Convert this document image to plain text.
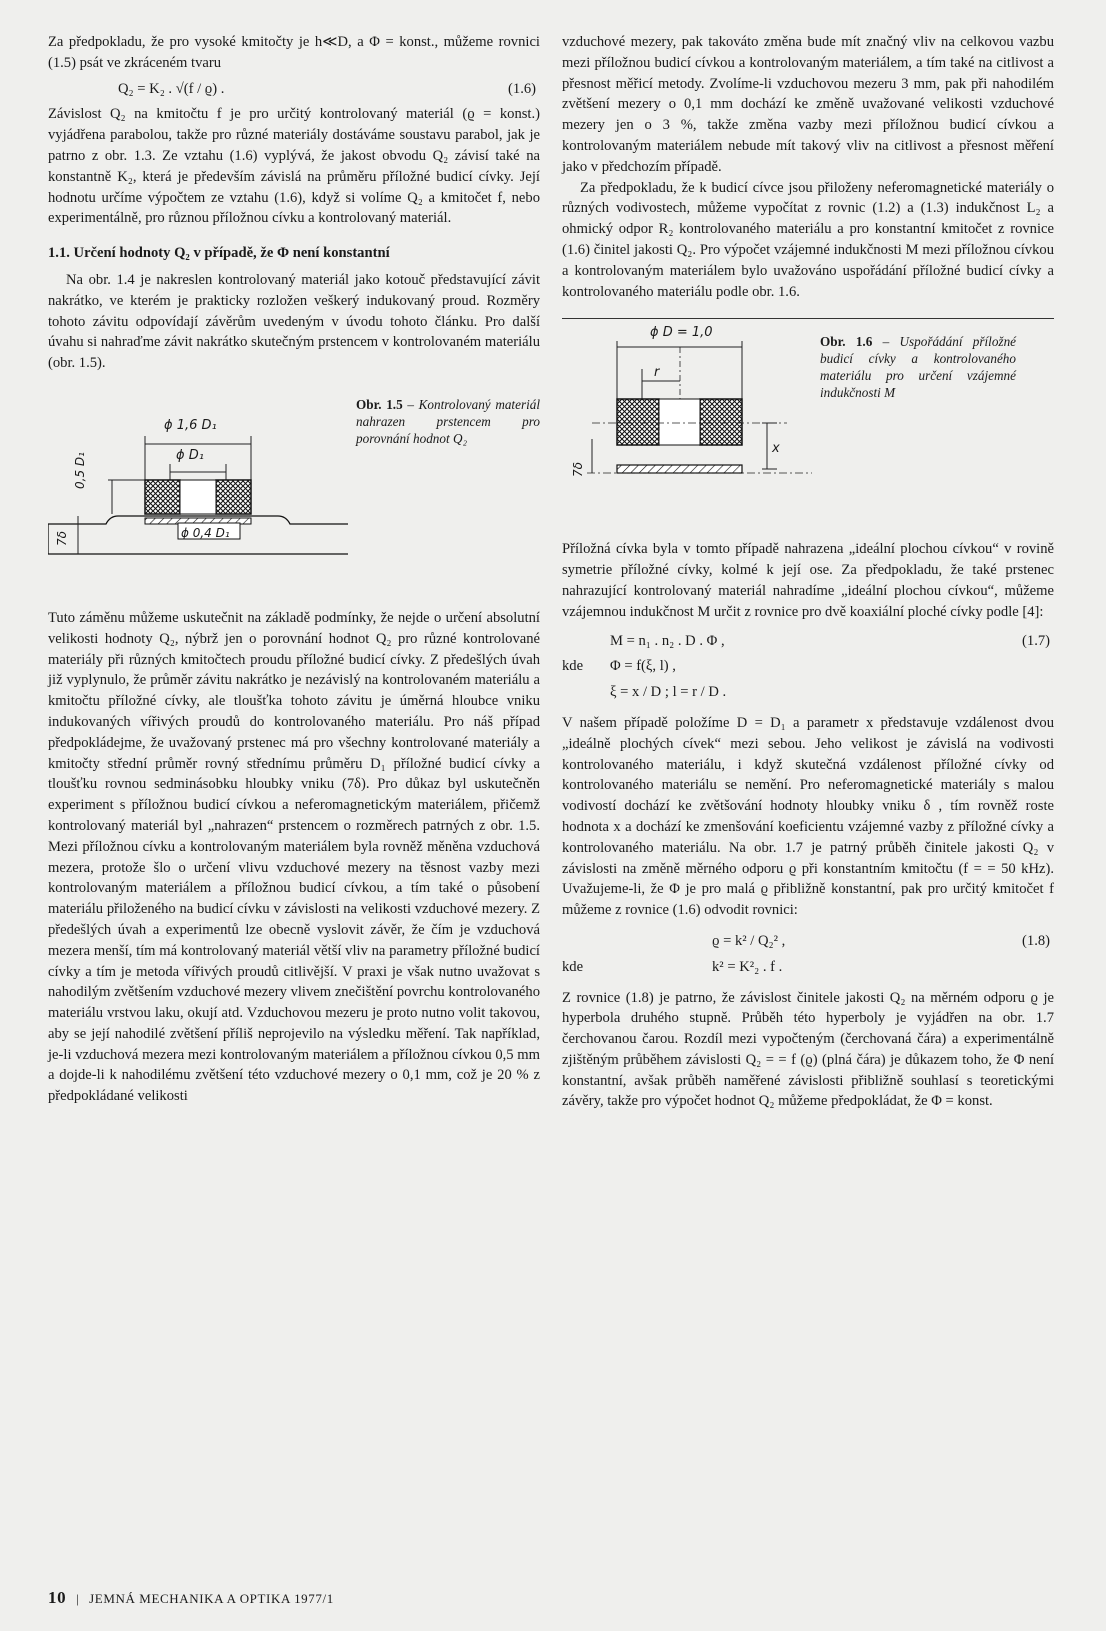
Za předpokladu, že pro vysoké kmitočty je h≪D, a Φ = konst., můžeme rovnici (1.5) psát ve zkráceném tvaru

Q₂ = K₂ . √(f / ϱ) .	(1.6)

Závislost Q₂ na kmitočtu f je pro určitý kontrolovaný materiál (ϱ = konst.) vyjádřena parabolou, takže pro různé materiály dostáváme soustavu parabol, jak je patrno z obr. 1.3. Ze vztahu (1.6) vyplývá, že jakost obvodu Q₂ závisí také na konstantně K₂, která je především závislá na průměru příložné budicí cívky. Její hodnotu určíme výpočtem ze vztahu (1.6), když si volíme Q₂ a kmitočet f, nebo experimentálně, pro různou příložnou cívku a kontrolovaný materiál.

1.1. Určení hodnoty Q₂ v případě, že Φ není konstantní

Na obr. 1.4 je nakreslen kontrolovaný materiál jako kotouč představující závit nakrátko, ve kterém je prakticky rozložen veškerý indukovaný proud. Rozměry tohoto závitu odpovídají závěrům uvedeným v úvodu tohoto článku. Pro další úvahu si nahraďme závit nakrátko skutečným prstencem v kontrolovaném materiálu (obr. 1.5).

ϕ 1,6 D₁
ϕ D₁
ϕ 0,4 D₁
0,5 D₁
7δ
Obr. 1.5 – Kontrolovaný materiál nahrazen prstencem pro porovnání hodnot Q₂

Tuto záměnu můžeme uskutečnit na základě podmínky, že nejde o určení absolutní velikosti hodnoty Q₂, nýbrž jen o porovnání hodnot Q₂ pro různé kontrolované materiály při různých kmitočtech proudu příložné budicí cívky. Z předešlých úvah již vyplynulo, že průměr závitu nakrátko je nezávislý na kontrolovaném materiálu a kmitočtu příložné cívky, ale tloušťka tohoto závitu je úměrná hloubce vniku indukovaných vířivých proudů do kontrolovaného materiálu. Pro náš případ předpokládejme, že uvažovaný prstenec má pro všechny kontrolované materiály a kmitočty střední průměr rovný střednímu průměru D₁ příložné budicí cívky a tloušťku rovnou sedminásobku hloubky vniku (7δ). Pro důkaz byl uskutečněn experiment s příložnou budicí cívkou a neferomagnetickým materiálem, přičemž kontrolovaný materiál byl „nahrazen“ prstencem o rozměrech patrných z obr. 1.5. Mezi příložnou cívku a kontrolovaným materiálem byla rovněž měněna vzduchová mezera, protože šlo o určení vlivu vzduchové mezery na těsnost vazby mezi kontrolovaným materiálem a příložnou budicí cívkou, a tím také o působení materiálu přiloženého na budicí cívku v závislosti na velikosti vzduchové mezery. Z předešlých úvah a experimentů lze obecně vyslovit závěr, že čím je vzduchová mezera menší, tím má kontrolovaný materiál větší vliv na parametry příložné budicí cívky a tím je metoda vířivých proudů citlivější. V praxi je však nutno uvažovat s nahodilým zvětšením vzduchové mezery vlivem znečištění povrchu kontrolovaného materiálu vrstvou laku, okují atd. Vzduchovou mezeru je proto nutno volit takovou, aby se její nahodilé zvětšení příliš neprojevilo na výsledku měření. Tak například, je-li vzduchová mezera mezi kontrolovaným materiálem a příložnou cívkou 0,5 mm a dojde-li k nahodilému zvětšení této vzduchové mezery o 0,1 mm, což je 20 % z předpokládané velikosti

vzduchové mezery, pak takováto změna bude mít značný vliv na celkovou vazbu mezi příložnou budicí cívkou a kontrolovaným materiálem, a tím také na citlivost a přesnost měřicí metody. Zvolíme-li vzduchovou mezeru 3 mm, pak při nahodilém zvětšení mezery o 0,1 mm dochází ke změně uvažované velikosti vzduchové mezery jen o 3 %, takže změna vazby mezi příložnou budicí cívkou a kontrolovaným materiálem nebude mít takový vliv na citlivost a přesnost měření jako v předchozím případě.

Za předpokladu, že k budicí cívce jsou přiloženy neferomagnetické materiály o různých vodivostech, můžeme vypočítat z rovnic (1.2) a (1.3) indukčnost L₂ a ohmický odpor R₂ kontrolovaného materiálu a pro konstantní kmitočet z rovnice (1.6) činitel jakosti Q₂. Pro výpočet vzájemné indukčnosti M mezi příložnou cívkou a kontrolovaným materiálem bylo uvažováno uspořádání příložné budicí cívky a kontrolovaného materiálu podle obr. 1.6.

ϕ D = 1,0
r
x
7δ
Obr. 1.6 – Uspořádání příložné budicí cívky a kontrolovaného materiálu pro určení vzájemné indukčnosti M

Příložná cívka byla v tomto případě nahrazena „ideální plochou cívkou“ v rovině symetrie příložné cívky, kolmé k její ose. Za předpokladu, že také prstenec nahrazující kontrolovaný materiál nahradíme „ideální plochou cívkou“, můžeme vzájemnou indukčnost M určit z rovnice pro dvě koaxiální ploché cívky podle [4]:

M = n₁ . n₂ . D . Φ ,	(1.7)
kde	Φ = f(ξ, l) ,
ξ = x / D ; l = r / D .

V našem případě položíme D = D₁ a parametr x představuje vzdálenost dvou „ideálně plochých cívek“ mezi sebou. Jeho velikost je závislá na vodivosti kontrolovaného materiálu, i když skutečná vzdálenost příložné cívky od kontrolovaného materiálu se nemění. Pro neferomagnetické materiály s malou vodivostí dochází ke zvětšování hodnoty hloubky vniku δ , tím rovněž roste hodnota x a dochází ke zmenšování koeficientu vzájemné vazby z příložné cívky a kontrolovaného materiálu. Na obr. 1.7 je patrný průběh činitele jakosti Q₂ v závislosti na změně měrného odporu ϱ při konstantním kmitočtu (f = = 50 kHz). Uvažujeme-li, že Φ je pro malá ϱ přibližně konstantní, pak pro určitý kmitočet f můžeme z rovnice (1.6) odvodit rovnici:

ϱ = k² / Q₂² ,	(1.8)
kde	k² = K²₂ . f .

Z rovnice (1.8) je patrno, že závislost činitele jakosti Q₂ na měrném odporu ϱ je hyperbola druhého stupně. Průběh této hyperboly je vyjádřen na obr. 1.7 čerchovanou čarou. Rozdíl mezi vypočteným (čerchovaná čára) a experimentálně zjištěným průběhem závislosti Q₂ = = f (ϱ) (plná čára) je důkazem toho, že Φ není konstantní, avšak průběh naměřené závislosti přibližně souhlasí s teoretickými závěry, takže pro výpočet hodnot Q₂ můžeme předpokládat, že Φ = konst.

10 | JEMNÁ MECHANIKA A OPTIKA 1977/1
